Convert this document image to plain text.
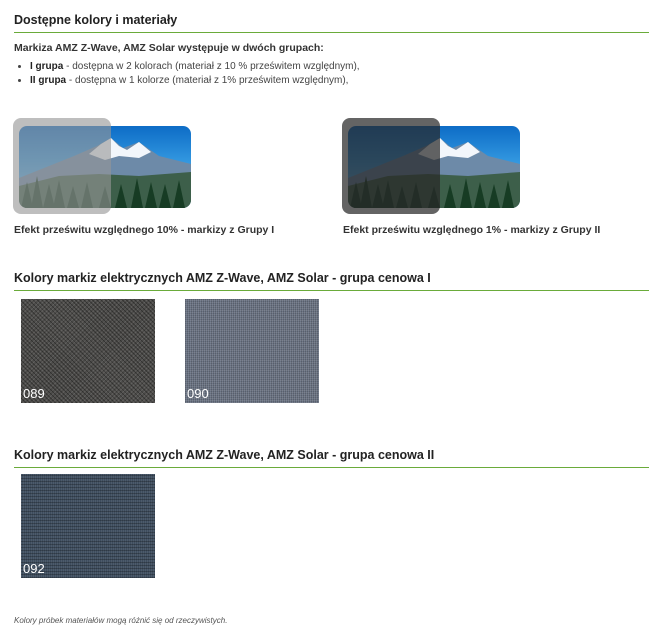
Dostępne kolory i materiały
Markiza AMZ Z-Wave, AMZ Solar występuje w dwóch grupach:
• I grupa - dostępna w 2 kolorach (materiał z 10 % prześwitem względnym),
• II grupa - dostępna w 1 kolorze (materiał z 1% prześwitem względnym),
Efekt prześwitu względnego 10% - markizy z Grupy I	Efekt prześwitu względnego 1% - markizy z Grupy II
Kolory markiz elektrycznych AMZ Z-Wave, AMZ Solar - grupa cenowa I
089	090
Kolory markiz elektrycznych AMZ Z-Wave, AMZ Solar - grupa cenowa II
092
Kolory próbek materiałów mogą różnić się od rzeczywistych.
